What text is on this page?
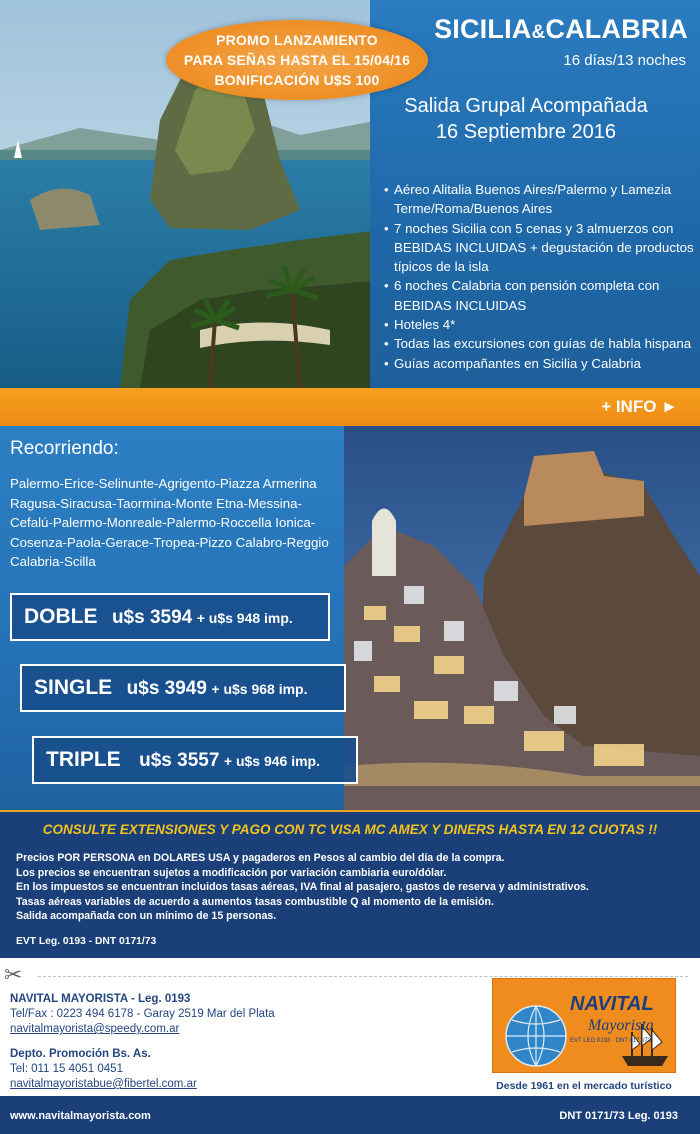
SICILIA&CALABRIA
16 días/13 noches
Salida Grupal Acompañada
16 Septiembre 2016
PROMO LANZAMIENTO
PARA SEÑAS HASTA EL 15/04/16
BONIFICACIÓN U$S 100
• Aéreo Alitalia Buenos Aires/Palermo y Lamezia Terme/Roma/Buenos Aires
• 7 noches Sicilia con 5 cenas y 3 almuerzos con BEBIDAS INCLUIDAS + degustación de productos típicos de la isla
• 6 noches Calabria con pensión completa con BEBIDAS INCLUIDAS
• Hoteles 4*
• Todas las excursiones con guías de habla hispana
• Guías acompañantes en Sicilia y Calabria
+ INFO ►
Recorriendo:
Palermo-Erice-Selinunte-Agrigento-Piazza Armerina
Ragusa-Siracusa-Taormina-Monte Etna-Messina-
Cefalú-Palermo-Monreale-Palermo-Roccella Ionica-
Cosenza-Paola-Gerace-Tropea-Pizzo Calabro-Reggio
Calabria-Scilla
DOBLE u$s 3594 + u$s 948 imp.
SINGLE u$s 3949 + u$s 968 imp.
TRIPLE u$s 3557 + u$s 946 imp.
CONSULTE EXTENSIONES Y PAGO CON TC VISA MC AMEX Y DINERS HASTA EN 12 CUOTAS !!
Precios POR PERSONA en DOLARES USA y pagaderos en Pesos al cambio del día de la compra.
Los precios se encuentran sujetos a modificación por variación cambiaria euro/dólar.
En los impuestos se encuentran incluidos tasas aéreas, IVA final al pasajero, gastos de reserva y administrativos.
Tasas aéreas variables de acuerdo a aumentos tasas combustible Q al momento de la emisión.
Salida acompañada con un mínimo de 15 personas.
EVT Leg. 0193 - DNT 0171/73
✂
NAVITAL MAYORISTA - Leg. 0193
Tel/Fax : 0223 494 6178 - Garay 2519 Mar del Plata
navitalmayorista@speedy.com.ar
Depto. Promoción Bs. As.
Tel: 011 15 4051 0451
navitalmayoristabue@fibertel.com.ar
NAVITAL
Mayorista
EVT LEG 0193 · DNT 0171/73
Desde 1961 en el mercado turístico
www.navitalmayorista.com	DNT 0171/73 Leg. 0193
